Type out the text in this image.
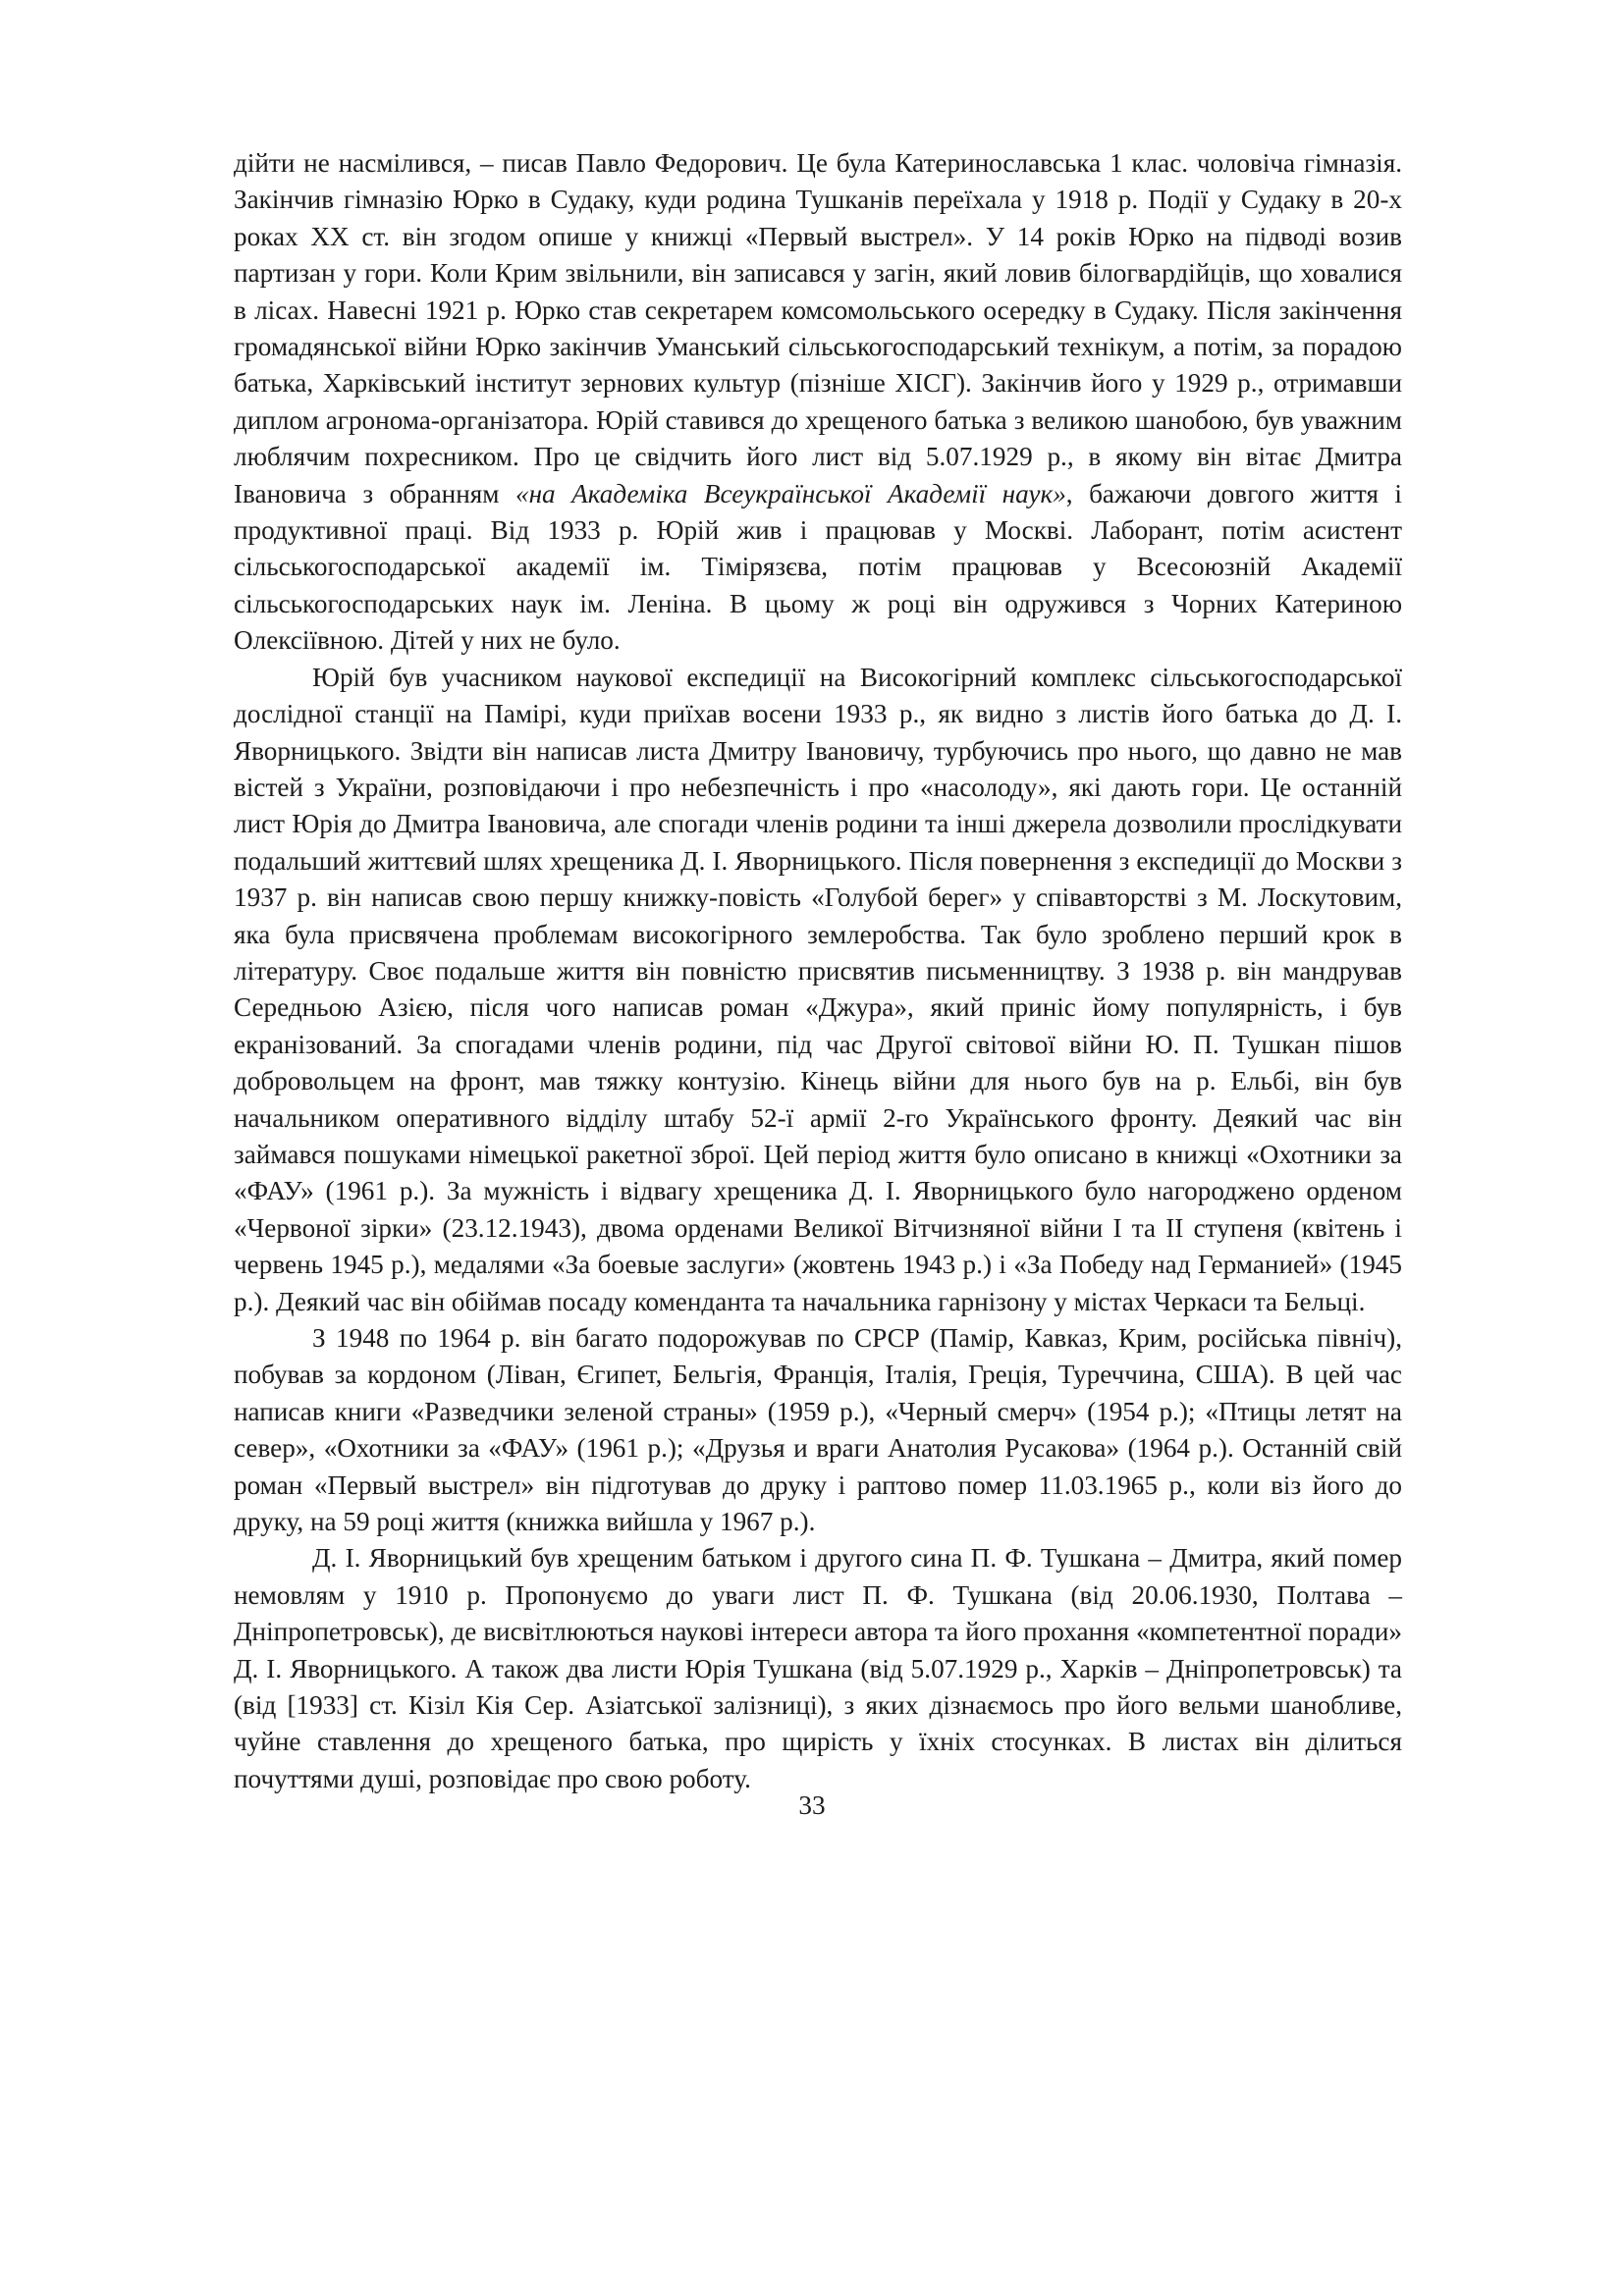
дійти не насмілився, – писав Павло Федорович. Це була Катеринославська 1 клас. чоловіча гімназія. Закінчив гімназію Юрко в Судаку, куди родина Тушканів переїхала у 1918 р. Події у Судаку в 20-х роках XX ст. він згодом опише у книжці «Первый выстрел». У 14 років Юрко на підводі возив партизан у гори. Коли Крим звільнили, він записався у загін, який ловив білогвардійців, що ховалися в лісах. Навесні 1921 р. Юрко став секретарем комсомольського осередку в Судаку. Після закінчення громадянської війни Юрко закінчив Уманський сільськогосподарський технікум, а потім, за порадою батька, Харківський інститут зернових культур (пізніше ХІСГ). Закінчив його у 1929 р., отримавши диплом агронома-організатора. Юрій ставився до хрещеного батька з великою шанобою, був уважним люблячим похресником. Про це свідчить його лист від 5.07.1929 р., в якому він вітає Дмитра Івановича з обранням «на Академіка Всеукраїнської Академії наук», бажаючи довгого життя і продуктивної праці. Від 1933 р. Юрій жив і працював у Москві. Лаборант, потім асистент сільськогосподарської академії ім. Тімірязєва, потім працював у Всесоюзній Академії сільськогосподарських наук ім. Леніна. В цьому ж році він одружився з Чорних Катериною Олексіївною. Дітей у них не було.

Юрій був учасником наукової експедиції на Високогірний комплекс сільськогосподарської дослідної станції на Памірі, куди приїхав восени 1933 р., як видно з листів його батька до Д. І. Яворницького. Звідти він написав листа Дмитру Івановичу, турбуючись про нього, що давно не мав вістей з України, розповідаючи і про небезпечність і про «насолоду», які дають гори. Це останній лист Юрія до Дмитра Івановича, але спогади членів родини та інші джерела дозволили прослідкувати подальший життєвий шлях хрещеника Д. І. Яворницького. Після повернення з експедиції до Москви з 1937 р. він написав свою першу книжку-повість «Голубой берег» у співавторстві з М. Лоскутовим, яка була присвячена проблемам високогірного землеробства. Так було зроблено перший крок в літературу. Своє подальше життя він повністю присвятив письменництву. З 1938 р. він мандрував Середньою Азією, після чого написав роман «Джура», який приніс йому популярність, і був екранізований. За спогадами членів родини, під час Другої світової війни Ю. П. Тушкан пішов добровольцем на фронт, мав тяжку контузію. Кінець війни для нього був на р. Ельбі, він був начальником оперативного відділу штабу 52-ї армії 2-го Українського фронту. Деякий час він займався пошуками німецької ракетної зброї. Цей період життя було описано в книжці «Охотники за «ФАУ» (1961 р.). За мужність і відвагу хрещеника Д. І. Яворницького було нагороджено орденом «Червоної зірки» (23.12.1943), двома орденами Великої Вітчизняної війни I та II ступеня (квітень і червень 1945 р.), медалями «За боевые заслуги» (жовтень 1943 р.) і «За Победу над Германией» (1945 р.). Деякий час він обіймав посаду коменданта та начальника гарнізону у містах Черкаси та Бельці.

З 1948 по 1964 р. він багато подорожував по СРСР (Памір, Кавказ, Крим, російська північ), побував за кордоном (Ліван, Єгипет, Бельгія, Франція, Італія, Греція, Туреччина, США). В цей час написав книги «Разведчики зеленой страны» (1959 р.), «Черный смерч» (1954 р.); «Птицы летят на север», «Охотники за «ФАУ» (1961 р.); «Друзья и враги Анатолия Русакова» (1964 р.). Останній свій роман «Первый выстрел» він підготував до друку і раптово помер 11.03.1965 р., коли віз його до друку, на 59 році життя (книжка вийшла у 1967 р.).

Д. І. Яворницький був хрещеним батьком і другого сина П. Ф. Тушкана – Дмитра, який помер немовлям у 1910 р. Пропонуємо до уваги лист П. Ф. Тушкана (від 20.06.1930, Полтава – Дніпропетровськ), де висвітлюються наукові інтереси автора та його прохання «компетентної поради» Д. І. Яворницького. А також два листи Юрія Тушкана (від 5.07.1929 р., Харків – Дніпропетровськ) та (від [1933] ст. Кізіл Кія Сер. Азіатської залізниці), з яких дізнаємось про його вельми шанобливе, чуйне ставлення до хрещеного батька, про щирість у їхніх стосунках. В листах він ділиться почуттями душі, розповідає про свою роботу.

33
